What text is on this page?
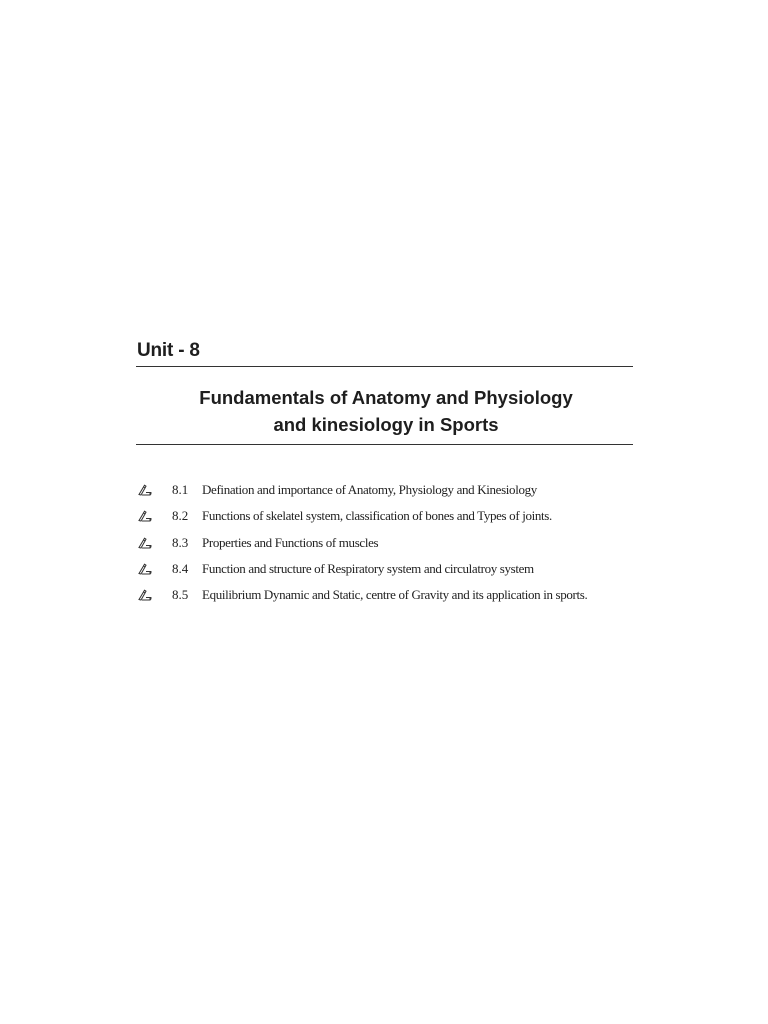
Unit - 8
Fundamentals of Anatomy and Physiology
and kinesiology in Sports
8.1	Defination and importance of Anatomy, Physiology and Kinesiology
8.2	Functions of skelatel system, classification of bones and Types of joints.
8.3	Properties and Functions of muscles
8.4	Function and structure of Respiratory system and circulatroy system
8.5	Equilibrium Dynamic and Static, centre of Gravity and its application in sports.
